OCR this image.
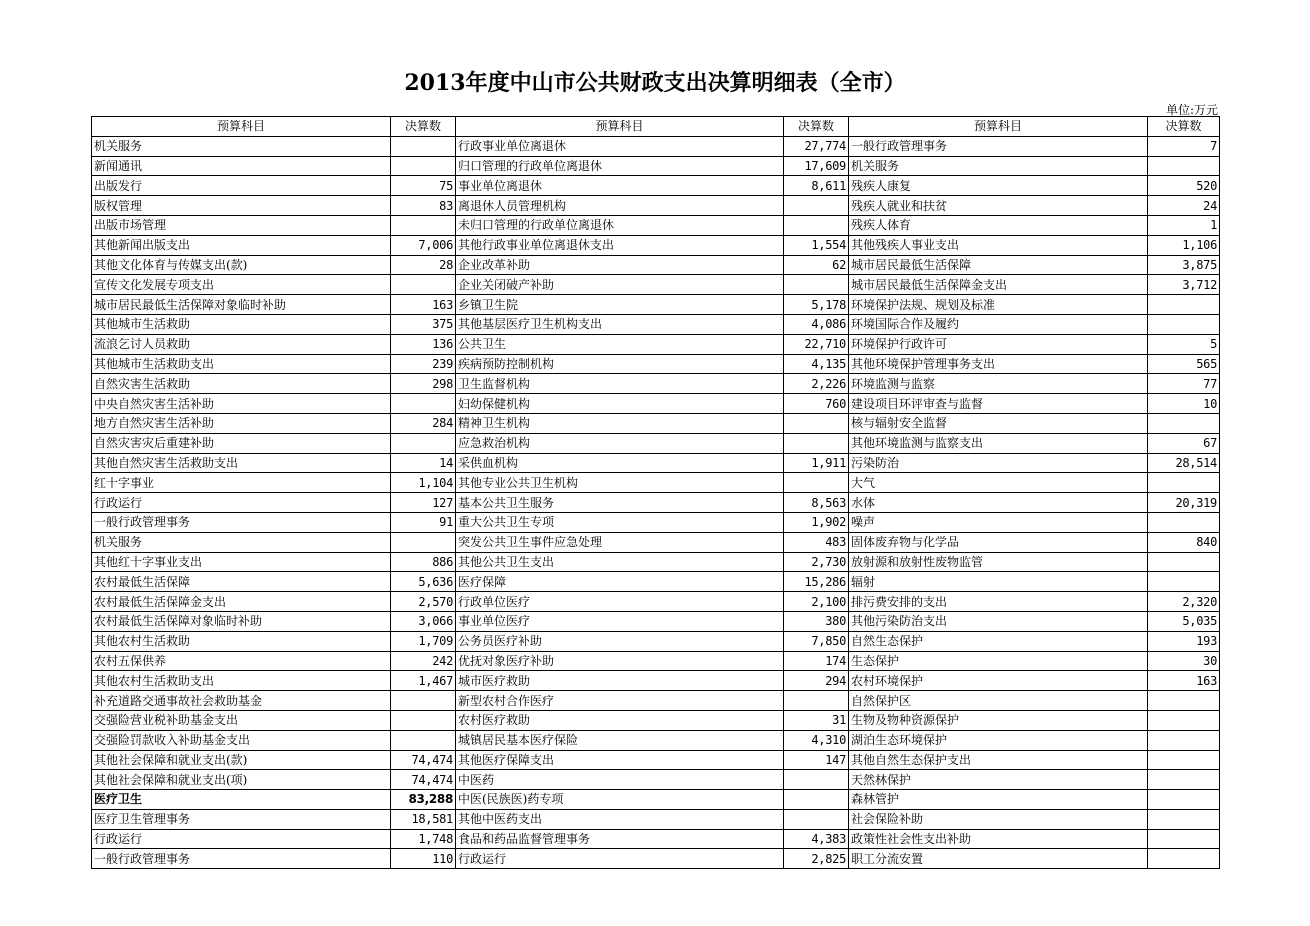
2013年度中山市公共财政支出决算明细表（全市）
单位:万元
预算科目	决算数	预算科目	决算数	预算科目	决算数
机关服务		行政事业单位离退休	27,774	一般行政管理事务	7
新闻通讯		归口管理的行政单位离退休	17,609	机关服务	
出版发行	75	事业单位离退休	8,611	残疾人康复	520
版权管理	83	离退休人员管理机构		残疾人就业和扶贫	24
出版市场管理		未归口管理的行政单位离退休		残疾人体育	1
其他新闻出版支出	7,006	其他行政事业单位离退休支出	1,554	其他残疾人事业支出	1,106
其他文化体育与传媒支出(款)	28	企业改革补助	62	城市居民最低生活保障	3,875
宣传文化发展专项支出		企业关闭破产补助		城市居民最低生活保障金支出	3,712
城市居民最低生活保障对象临时补助	163	乡镇卫生院	5,178	环境保护法规、规划及标准	
其他城市生活救助	375	其他基层医疗卫生机构支出	4,086	环境国际合作及履约	
流浪乞讨人员救助	136	公共卫生	22,710	环境保护行政许可	5
其他城市生活救助支出	239	疾病预防控制机构	4,135	其他环境保护管理事务支出	565
自然灾害生活救助	298	卫生监督机构	2,226	环境监测与监察	77
中央自然灾害生活补助		妇幼保健机构	760	建设项目环评审查与监督	10
地方自然灾害生活补助	284	精神卫生机构		核与辐射安全监督	
自然灾害灾后重建补助		应急救治机构		其他环境监测与监察支出	67
其他自然灾害生活救助支出	14	采供血机构	1,911	污染防治	28,514
红十字事业	1,104	其他专业公共卫生机构		大气	
行政运行	127	基本公共卫生服务	8,563	水体	20,319
一般行政管理事务	91	重大公共卫生专项	1,902	噪声	
机关服务		突发公共卫生事件应急处理	483	固体废弃物与化学品	840
其他红十字事业支出	886	其他公共卫生支出	2,730	放射源和放射性废物监管	
农村最低生活保障	5,636	医疗保障	15,286	辐射	
农村最低生活保障金支出	2,570	行政单位医疗	2,100	排污费安排的支出	2,320
农村最低生活保障对象临时补助	3,066	事业单位医疗	380	其他污染防治支出	5,035
其他农村生活救助	1,709	公务员医疗补助	7,850	自然生态保护	193
农村五保供养	242	优抚对象医疗补助	174	生态保护	30
其他农村生活救助支出	1,467	城市医疗救助	294	农村环境保护	163
补充道路交通事故社会救助基金		新型农村合作医疗		自然保护区	
交强险营业税补助基金支出		农村医疗救助	31	生物及物种资源保护	
交强险罚款收入补助基金支出		城镇居民基本医疗保险	4,310	湖泊生态环境保护	
其他社会保障和就业支出(款)	74,474	其他医疗保障支出	147	其他自然生态保护支出	
其他社会保障和就业支出(项)	74,474	中医药		天然林保护	
医疗卫生	83,288	中医(民族医)药专项		森林管护	
医疗卫生管理事务	18,581	其他中医药支出		社会保险补助	
行政运行	1,748	食品和药品监督管理事务	4,383	政策性社会性支出补助	
一般行政管理事务	110	行政运行	2,825	职工分流安置	
